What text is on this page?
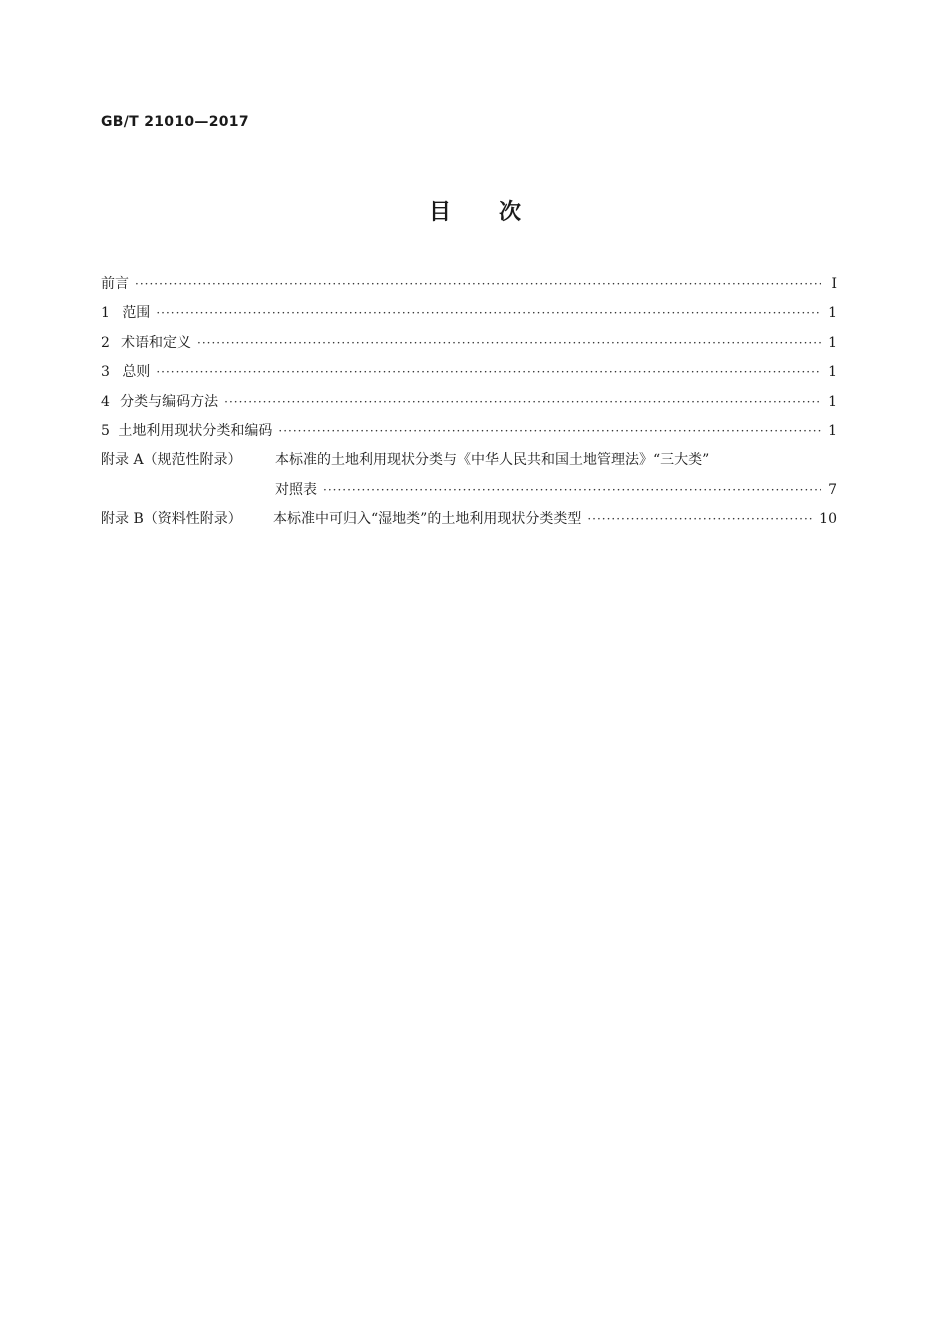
GB/T 21010—2017
目次
前言 ·····	Ⅰ
1 范围 ·····	1
2 术语和定义 ·····	1
3 总则 ·····	1
4 分类与编码方法 ·····	1
5 土地利用现状分类和编码 ·····	1
附录 A（规范性附录）	本标准的土地利用现状分类与《中华人民共和国土地管理法》“三大类”
对照表 ·····	7
附录 B（资料性附录）	本标准中可归入“湿地类”的土地利用现状分类类型 ·····	10
